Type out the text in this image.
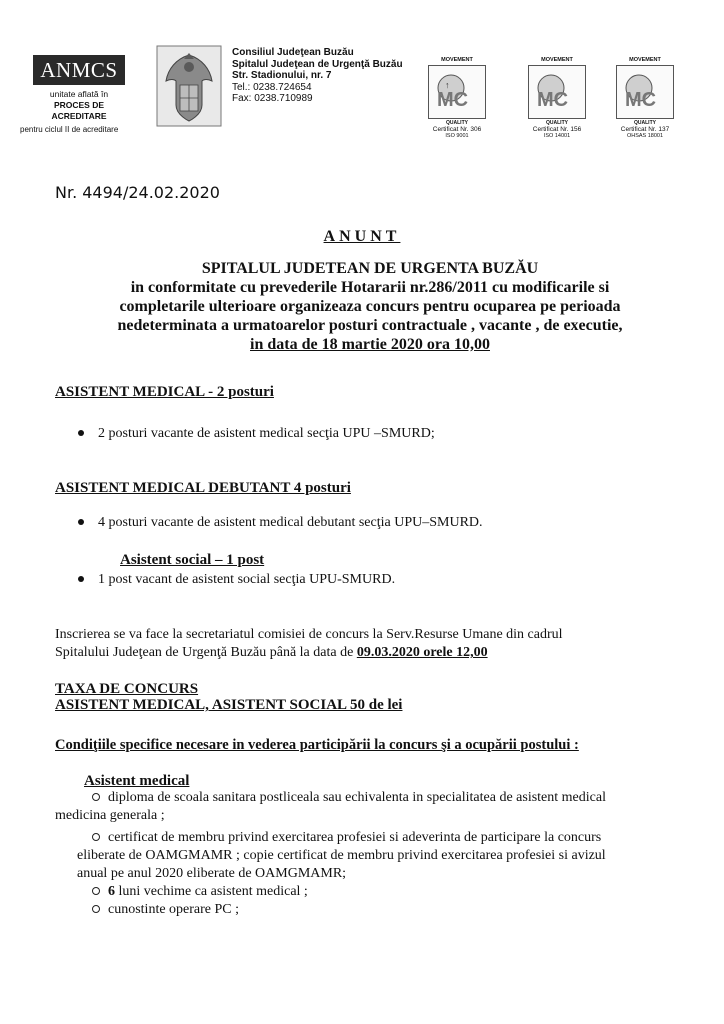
ANMCS
unitate aflată în
PROCES DE ACREDITARE
pentru ciclul II de acreditare
Consiliul Judeţean Buzău
Spitalul Judeţean de Urgenţă Buzău
Str. Stadionului, nr. 7
Tel.: 0238.724654
Fax: 0238.710989
MOVEMENT
MC
↑
QUALITY
Certificat Nr. 306
ISO 9001
MOVEMENT
MC
QUALITY
Certificat Nr. 156
ISO 14001
MOVEMENT
MC
QUALITY
Certificat Nr. 137
OHSAS 18001
Nr. 4494/24.02.2020
ANUNT
SPITALUL JUDETEAN DE URGENTA BUZĂU
in conformitate cu prevederile Hotararii nr.286/2011 cu modificarile si
completarile ulterioare organizeaza concurs pentru ocuparea pe perioada
nedeterminata a urmatoarelor posturi contractuale , vacante , de executie,
in data de 18 martie 2020 ora 10,00
ASISTENT MEDICAL - 2 posturi
2 posturi vacante de asistent medical secţia UPU –SMURD;
ASISTENT MEDICAL DEBUTANT 4 posturi
4 posturi vacante de asistent medical debutant secţia UPU–SMURD.
Asistent social – 1 post
1 post vacant de asistent social secţia UPU-SMURD.
Inscrierea se va face la secretariatul comisiei de concurs la Serv.Resurse Umane din cadrul
Spitalului Judeţean de Urgenţă Buzău până la data de 09.03.2020 orele 12,00
TAXA DE CONCURS
ASISTENT MEDICAL, ASISTENT SOCIAL 50 de lei
Condiţiile specifice necesare in vederea participării la concurs şi a ocupării postului :
Asistent medical
diploma de scoala sanitara postliceala sau echivalenta in specialitatea de asistent medical
medicina generala ;
certificat de membru privind exercitarea profesiei si adeverinta de participare la concurs
eliberate de OAMGMAMR ; copie certificat de membru privind exercitarea profesiei si avizul
anual pe anul 2020 eliberate de OAMGMAMR;
6 luni vechime ca asistent medical ;
cunostinte operare PC ;
